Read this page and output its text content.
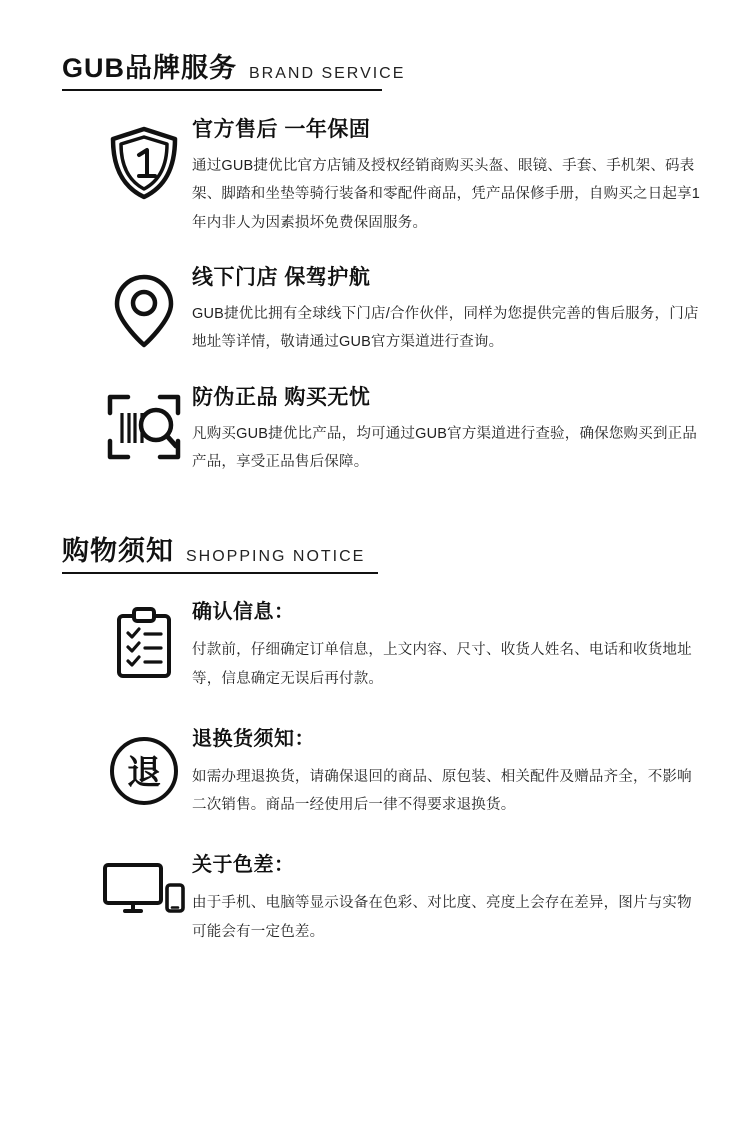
GUB品牌服务 BRAND SERVICE
官方售后 一年保固
通过GUB捷优比官方店铺及授权经销商购买头盔、眼镜、手套、手机架、码表架、脚踏和坐垫等骑行装备和零配件商品，凭产品保修手册，自购买之日起享1年内非人为因素损坏免费保固服务。
线下门店 保驾护航
GUB捷优比拥有全球线下门店/合作伙伴，同样为您提供完善的售后服务，门店地址等详情，敬请通过GUB官方渠道进行查询。
防伪正品 购买无忧
凡购买GUB捷优比产品，均可通过GUB官方渠道进行查验，确保您购买到正品产品，享受正品售后保障。
购物须知 SHOPPING NOTICE
确认信息：
付款前，仔细确定订单信息，上文内容、尺寸、收货人姓名、电话和收货地址等，信息确定无误后再付款。
退
退换货须知：
如需办理退换货，请确保退回的商品、原包装、相关配件及赠品齐全，不影响二次销售。商品一经使用后一律不得要求退换货。
关于色差：
由于手机、电脑等显示设备在色彩、对比度、亮度上会存在差异，图片与实物可能会有一定色差。
